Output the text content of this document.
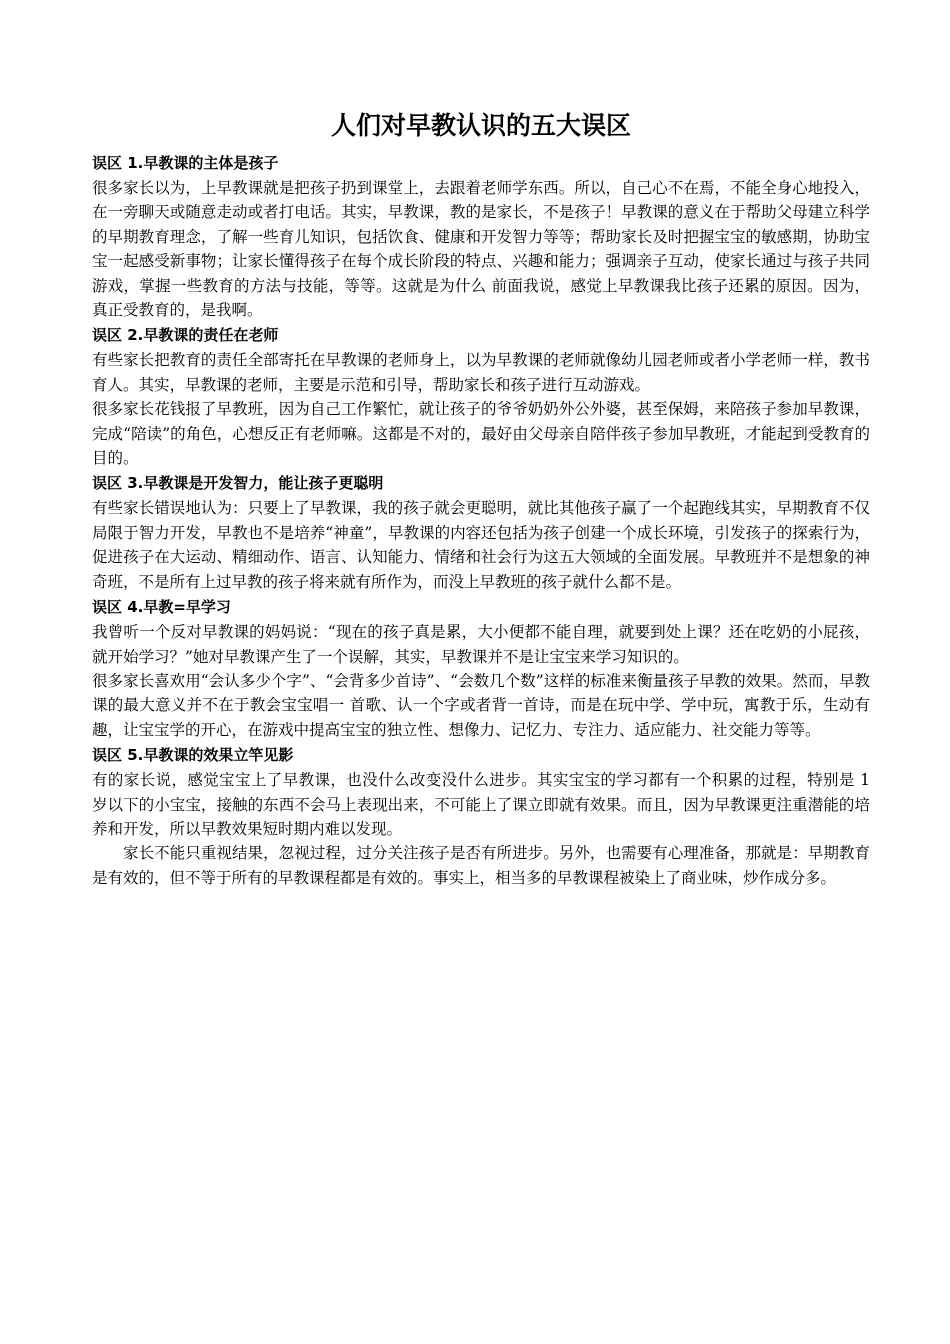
人们对早教认识的五大误区
误区 1.早教课的主体是孩子

很多家长以为，上早教课就是把孩子扔到课堂上，去跟着老师学东西。所以，自己心不在焉，不能全身心地投入，在一旁聊天或随意走动或者打电话。其实，早教课，教的是家长，不是孩子！早教课的意义在于帮助父母建立科学的早期教育理念，了解一些育儿知识，包括饮食、健康和开发智力等等；帮助家长及时把握宝宝的敏感期，协助宝宝一起感受新事物；让家长懂得孩子在每个成长阶段的特点、兴趣和能力；强调亲子互动，使家长通过与孩子共同游戏，掌握一些教育的方法与技能，等等。这就是为什么 前面我说，感觉上早教课我比孩子还累的原因。因为，真正受教育的，是我啊。

误区 2.早教课的责任在老师

有些家长把教育的责任全部寄托在早教课的老师身上，以为早教课的老师就像幼儿园老师或者小学老师一样，教书育人。其实，早教课的老师，主要是示范和引导，帮助家长和孩子进行互动游戏。

很多家长花钱报了早教班，因为自己工作繁忙，就让孩子的爷爷奶奶外公外婆，甚至保姆，来陪孩子参加早教课，完成“陪读”的角色，心想反正有老师嘛。这都是不对的，最好由父母亲自陪伴孩子参加早教班，才能起到受教育的目的。

误区 3.早教课是开发智力，能让孩子更聪明

有些家长错误地认为：只要上了早教课，我的孩子就会更聪明，就比其他孩子赢了一个起跑线其实，早期教育不仅局限于智力开发，早教也不是培养“神童”，早教课的内容还包括为孩子创建一个成长环境，引发孩子的探索行为，促进孩子在大运动、精细动作、语言、认知能力、情绪和社会行为这五大领域的全面发展。早教班并不是想象的神奇班，不是所有上过早教的孩子将来就有所作为，而没上早教班的孩子就什么都不是。

误区 4.早教=早学习

我曾听一个反对早教课的妈妈说：“现在的孩子真是累，大小便都不能自理，就要到处上课？还在吃奶的小屁孩，就开始学习？”她对早教课产生了一个误解，其实，早教课并不是让宝宝来学习知识的。

很多家长喜欢用“会认多少个字”、“会背多少首诗”、“会数几个数”这样的标准来衡量孩子早教的效果。然而，早教课的最大意义并不在于教会宝宝唱一 首歌、认一个字或者背一首诗，而是在玩中学、学中玩，寓教于乐，生动有趣，让宝宝学的开心，在游戏中提高宝宝的独立性、想像力、记忆力、专注力、适应能力、社交能力等等。

误区 5.早教课的效果立竿见影

有的家长说，感觉宝宝上了早教课，也没什么改变没什么进步。其实宝宝的学习都有一个积累的过程，特别是 1 岁以下的小宝宝，接触的东西不会马上表现出来，不可能上了课立即就有效果。而且，因为早教课更注重潜能的培养和开发，所以早教效果短时期内难以发现。

家长不能只重视结果，忽视过程，过分关注孩子是否有所进步。另外，也需要有心理准备，那就是：早期教育是有效的，但不等于所有的早教课程都是有效的。事实上，相当多的早教课程被染上了商业味，炒作成分多。
